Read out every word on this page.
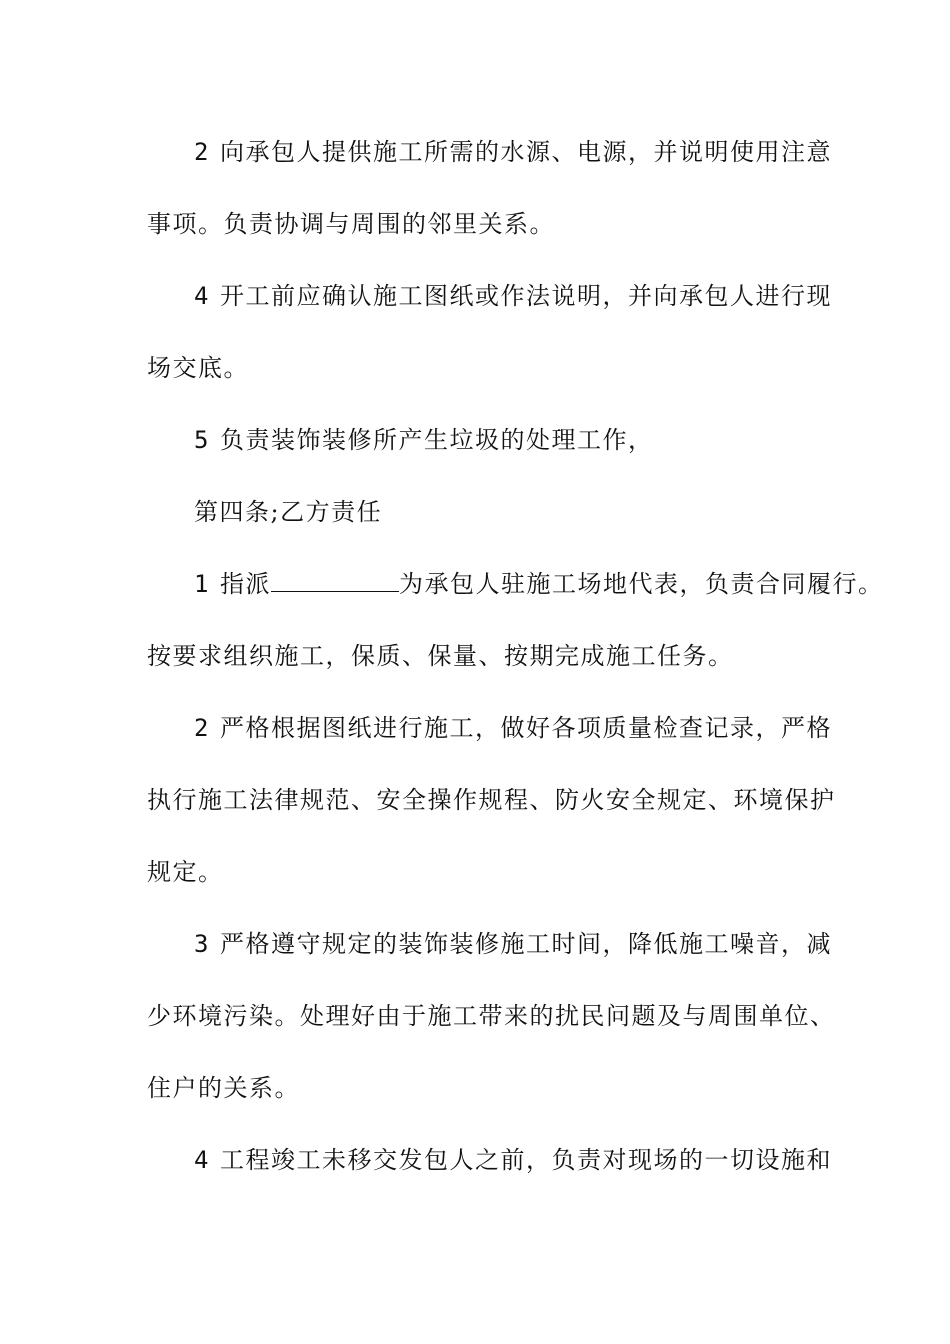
2 向承包人提供施工所需的水源、电源，并说明使用注意
事项。负责协调与周围的邻里关系。
4 开工前应确认施工图纸或作法说明，并向承包人进行现
场交底。
5 负责装饰装修所产生垃圾的处理工作，
第四条;乙方责任
1 指派	为承包人驻施工场地代表，负责合同履行。
按要求组织施工，保质、保量、按期完成施工任务。
2 严格根据图纸进行施工，做好各项质量检查记录，严格
执行施工法律规范、安全操作规程、防火安全规定、环境保护
规定。
3 严格遵守规定的装饰装修施工时间，降低施工噪音，减
少环境污染。处理好由于施工带来的扰民问题及与周围单位、
住户的关系。
4 工程竣工未移交发包人之前，负责对现场的一切设施和
